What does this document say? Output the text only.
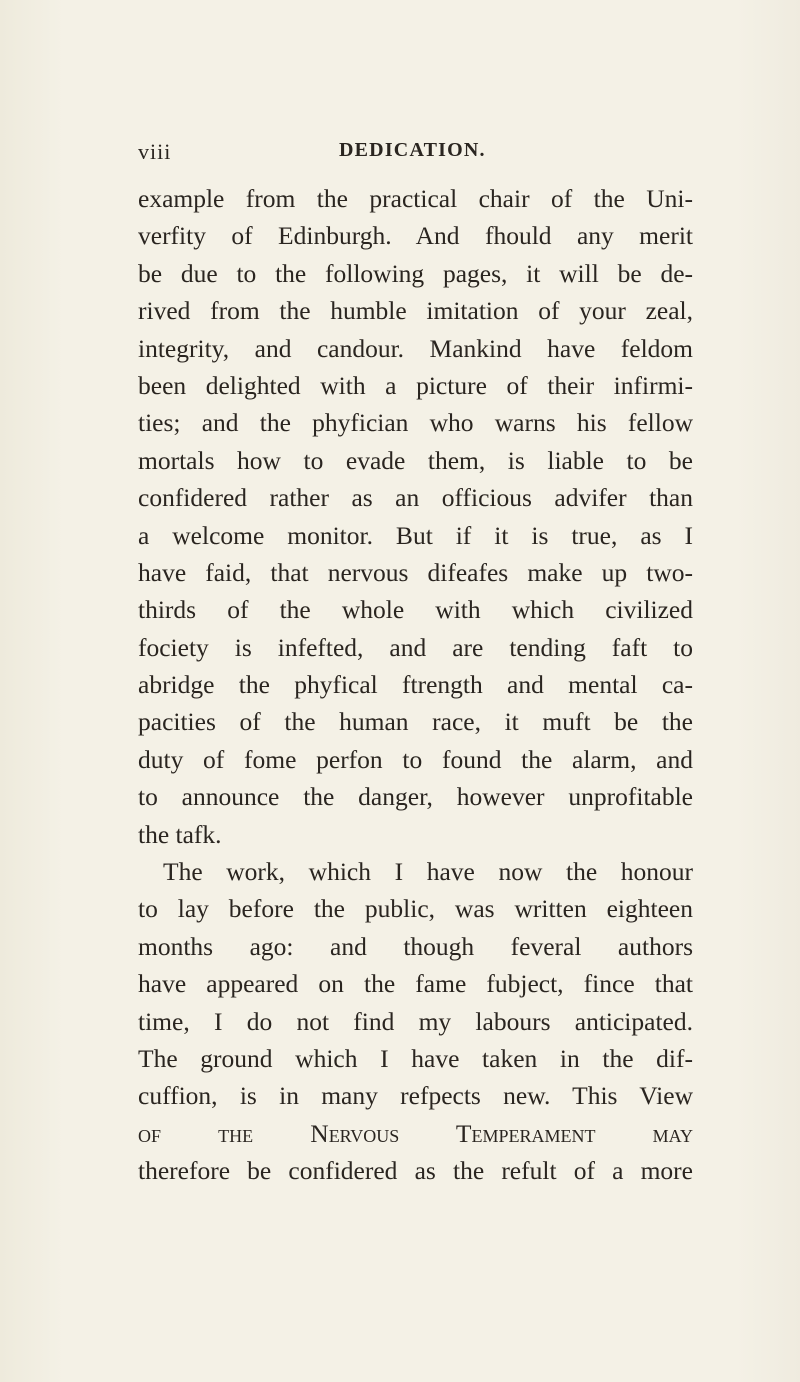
viii	DEDICATION.
example from the practical chair of the Uni-
verfity of Edinburgh. And fhould any merit
be due to the following pages, it will be de-
rived from the humble imitation of your zeal,
integrity, and candour. Mankind have feldom
been delighted with a picture of their infirmi-
ties; and the phyfician who warns his fellow
mortals how to evade them, is liable to be
confidered rather as an officious advifer than
a welcome monitor. But if it is true, as I
have faid, that nervous difeafes make up two-
thirds of the whole with which civilized
fociety is infefted, and are tending faft to
abridge the phyfical ftrength and mental ca-
pacities of the human race, it muft be the
duty of fome perfon to found the alarm, and
to announce the danger, however unprofitable
the tafk.
The work, which I have now the honour
to lay before the public, was written eighteen
months ago: and though feveral authors
have appeared on the fame fubject, fince that
time, I do not find my labours anticipated.
The ground which I have taken in the dif-
cuffion, is in many refpects new. This View
of the Nervous Temperament may
therefore be confidered as the refult of a more
